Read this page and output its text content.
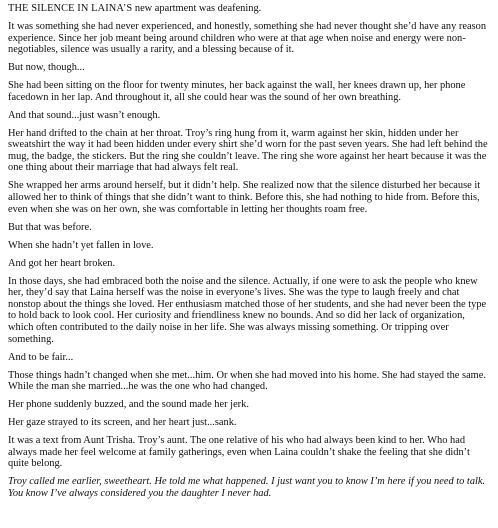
THE SILENCE IN LAINA’S new apartment was deafening.

It was something she had never experienced, and honestly, something she had never thought she’d have any reason experience. Since her job meant being around children who were at that age when noise and energy were non-negotiables, silence was usually a rarity, and a blessing because of it.

But now, though...

She had been sitting on the floor for twenty minutes, her back against the wall, her knees drawn up, her phone facedown in her lap. And throughout it, all she could hear was the sound of her own breathing.

And that sound...just wasn’t enough.

Her hand drifted to the chain at her throat. Troy’s ring hung from it, warm against her skin, hidden under her sweatshirt the way it had been hidden under every shirt she’d worn for the past seven years. She had left behind the mug, the badge, the stickers. But the ring she couldn’t leave. The ring she wore against her heart because it was the one thing about their marriage that had always felt real.

She wrapped her arms around herself, but it didn’t help. She realized now that the silence disturbed her because it allowed her to think of things that she didn’t want to think. Before this, she had nothing to hide from. Before this, even when she was on her own, she was comfortable in letting her thoughts roam free.

But that was before.

When she hadn’t yet fallen in love.

And got her heart broken.

In those days, she had embraced both the noise and the silence. Actually, if one were to ask the people who knew her, they’d say that Laina herself was the noise in everyone’s lives. She was the type to laugh freely and chat nonstop about the things she loved. Her enthusiasm matched those of her students, and she had never been the type to hold back to look cool. Her curiosity and friendliness knew no bounds. And so did her lack of organization, which often contributed to the daily noise in her life. She was always missing something. Or tripping over something.

And to be fair...

Those things hadn’t changed when she met...him. Or when she had moved into his home. She had stayed the same. While the man she married...he was the one who had changed.

Her phone suddenly buzzed, and the sound made her jerk.

Her gaze strayed to its screen, and her heart just...sank.

It was a text from Aunt Trisha. Troy’s aunt. The one relative of his who had always been kind to her. Who had always made her feel welcome at family gatherings, even when Laina couldn’t shake the feeling that she didn’t quite belong.

Troy called me earlier, sweetheart. He told me what happened. I just want you to know I’m here if you need to talk. You know I’ve always considered you the daughter I never had.
